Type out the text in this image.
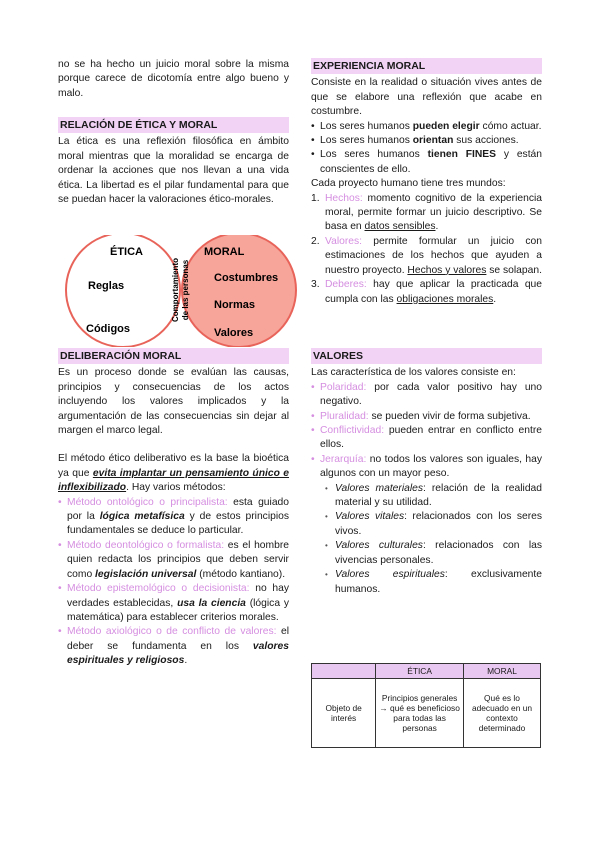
no se ha hecho un juicio moral sobre la misma porque carece de dicotomía entre algo bueno y malo.

RELACIÓN DE ÉTICA Y MORAL

La ética es una reflexión filosófica en ámbito moral mientras que la moralidad se encarga de ordenar la acciones que nos llevan a una vida ética. La libertad es el pilar fundamental para que se puedan hacer la valoraciones ético-morales.

ÉTICA
Reglas
Códigos
MORAL
Costumbres
Normas
Valores
Comportamiento de las personas
DELIBERACIÓN MORAL

Es un proceso donde se evalúan las causas, principios y consecuencias de los actos incluyendo los valores implicados y la argumentación de las consecuencias sin dejar al margen el marco legal.

El método ético deliberativo es la base la bioética ya que evita implantar un pensamiento único e inflexibilizado. Hay varios métodos:

• Método ontológico o principalista: esta guiado por la lógica metafísica y de estos principios fundamentales se deduce lo particular.
• Método deontológico o formalista: es el hombre quien redacta los principios que deben servir como legislación universal (método kantiano).
• Método epistemológico o decisionista: no hay verdades establecidas, usa la ciencia (lógica y matemática) para establecer criterios morales.
• Método axiológico o de conflicto de valores: el deber se fundamenta en los valores espirituales y religiosos.
EXPERIENCIA MORAL

Consiste en la realidad o situación vives antes de que se elabore una reflexión que acabe en costumbre.

• Los seres humanos pueden elegir cómo actuar.
• Los seres humanos orientan sus acciones.
• Los seres humanos tienen FINES y están conscientes de ello.

Cada proyecto humano tiene tres mundos:

1. Hechos: momento cognitivo de la experiencia moral, permite formar un juicio descriptivo. Se basa en datos sensibles.
2. Valores: permite formular un juicio con estimaciones de los hechos que ayuden a nuestro proyecto. Hechos y valores se solapan.
3. Deberes: hay que aplicar la practicada que cumpla con las obligaciones morales.
VALORES

Las característica de los valores consiste en:

• Polaridad: por cada valor positivo hay uno negativo.
• Pluralidad: se pueden vivir de forma subjetiva.
• Conflictividad: pueden entrar en conflicto entre ellos.
• Jerarquía: no todos los valores son iguales, hay algunos con un mayor peso.
• Valores materiales: relación de la realidad material y su utilidad.
• Valores vitales: relacionados con los seres vivos.
• Valores culturales: relacionados con las vivencias personales.
• Valores espirituales: exclusivamente humanos.
	ÉTICA	MORAL
Objeto de interés	Principios generales → qué es beneficioso para todas las personas	Qué es lo adecuado en un contexto determinado
